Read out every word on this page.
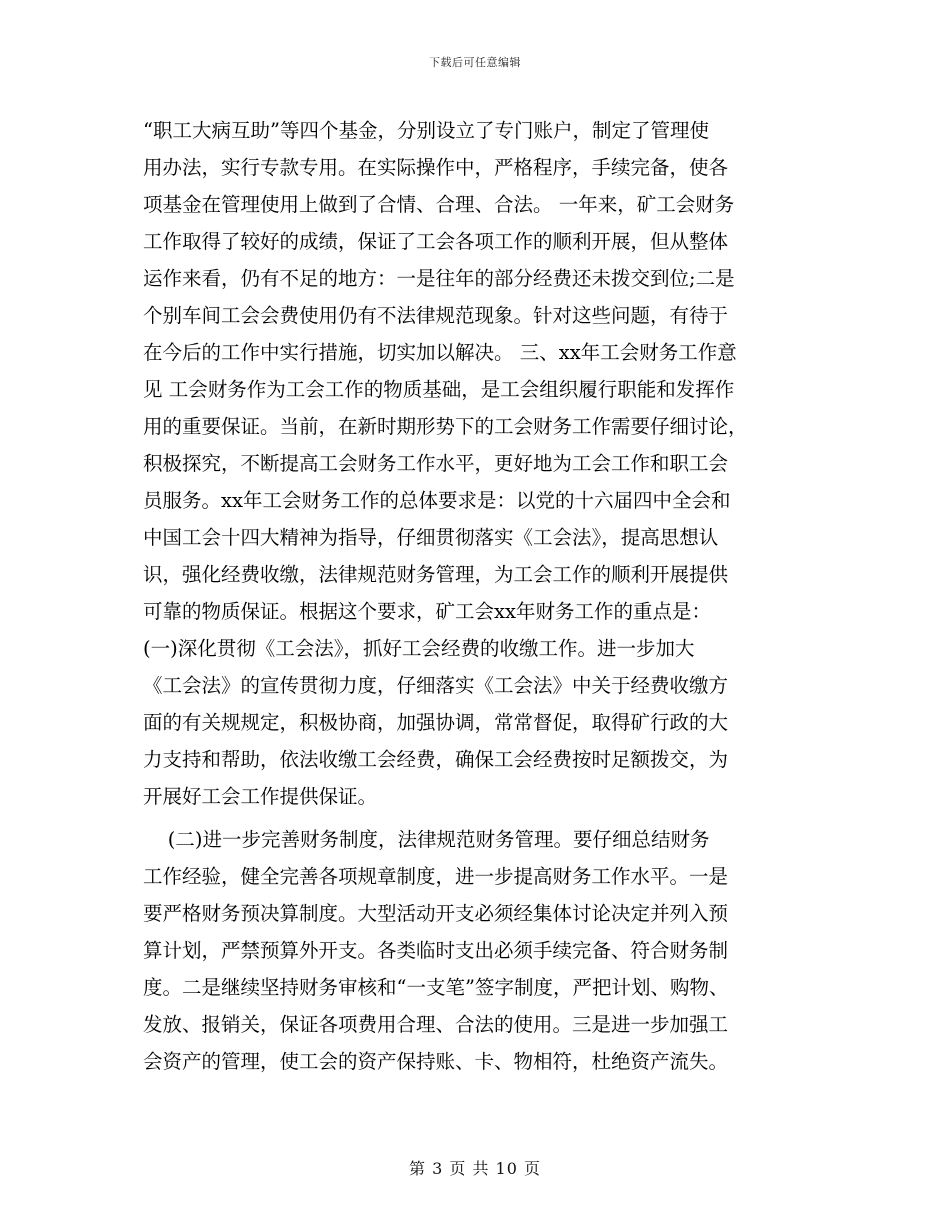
下载后可任意编辑
“职工大病互助”等四个基金，分别设立了专门账户，制定了管理使
用办法，实行专款专用。在实际操作中，严格程序，手续完备，使各
项基金在管理使用上做到了合情、合理、合法。 一年来，矿工会财务
工作取得了较好的成绩，保证了工会各项工作的顺利开展，但从整体
运作来看，仍有不足的地方：一是往年的部分经费还未拨交到位;二是
个别车间工会会费使用仍有不法律规范现象。针对这些问题，有待于
在今后的工作中实行措施，切实加以解决。 三、xx年工会财务工作意
见 工会财务作为工会工作的物质基础，是工会组织履行职能和发挥作
用的重要保证。当前，在新时期形势下的工会财务工作需要仔细讨论，
积极探究，不断提高工会财务工作水平，更好地为工会工作和职工会
员服务。xx年工会财务工作的总体要求是：以党的十六届四中全会和
中国工会十四大精神为指导，仔细贯彻落实《工会法》，提高思想认
识，强化经费收缴，法律规范财务管理，为工会工作的顺利开展提供
可靠的物质保证。根据这个要求，矿工会xx年财务工作的重点是：
(一)深化贯彻《工会法》，抓好工会经费的收缴工作。进一步加大
《工会法》的宣传贯彻力度，仔细落实《工会法》中关于经费收缴方
面的有关规规定，积极协商，加强协调，常常督促，取得矿行政的大
力支持和帮助，依法收缴工会经费，确保工会经费按时足额拨交，为
开展好工会工作提供保证。
(二)进一步完善财务制度，法律规范财务管理。要仔细总结财务
工作经验，健全完善各项规章制度，进一步提高财务工作水平。一是
要严格财务预决算制度。大型活动开支必须经集体讨论决定并列入预
算计划，严禁预算外开支。各类临时支出必须手续完备、符合财务制
度。二是继续坚持财务审核和“一支笔”签字制度，严把计划、购物、
发放、报销关，保证各项费用合理、合法的使用。三是进一步加强工
会资产的管理，使工会的资产保持账、卡、物相符，杜绝资产流失。
第 3 页 共 10 页
